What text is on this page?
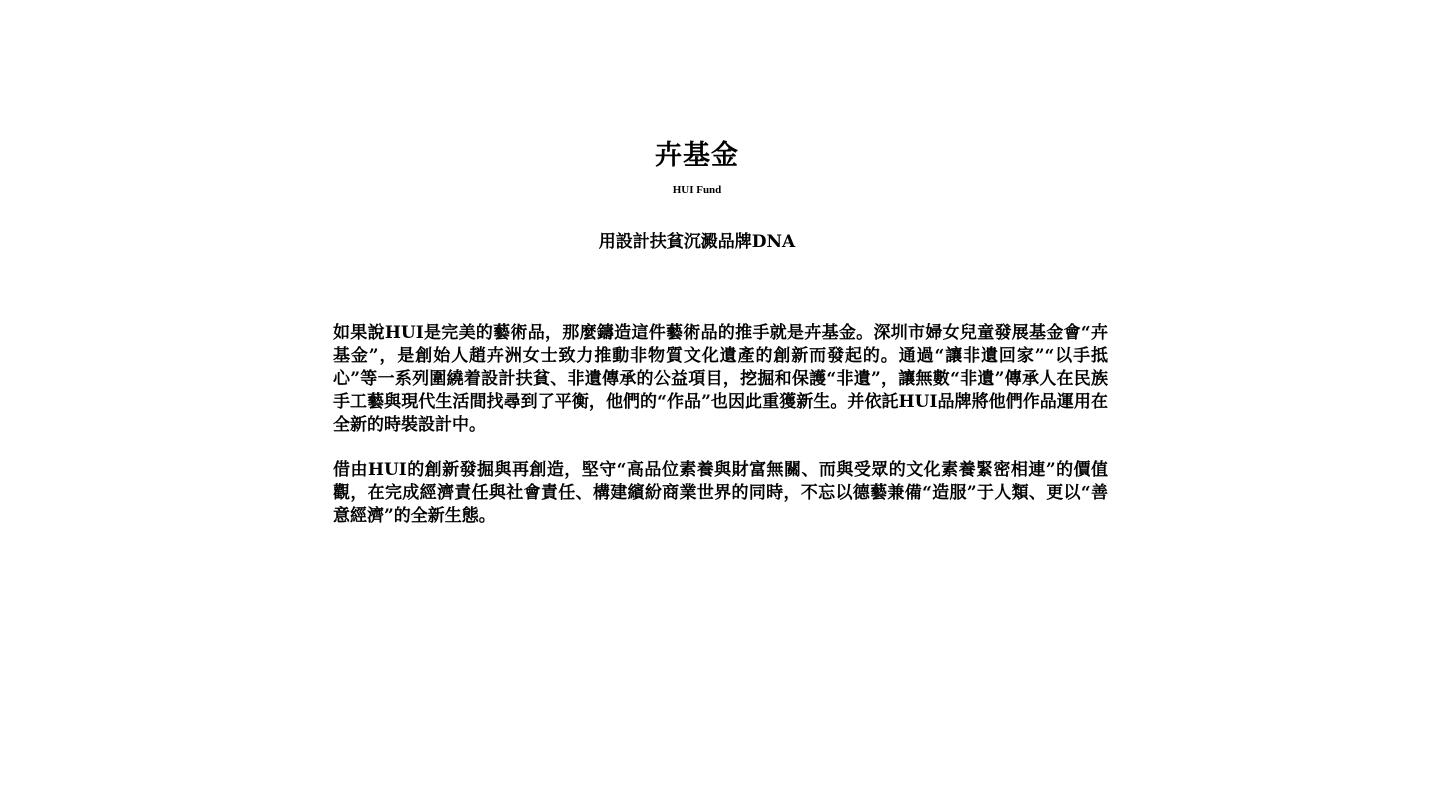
卉基金
HUI Fund
用設計扶貧沉澱品牌DNA

如果說HUI是完美的藝術品，那麼鑄造這件藝術品的推手就是卉基金。深圳市婦女兒童發展基金會“卉基金”，是創始人趙卉洲女士致力推動非物質文化遺產的創新而發起的。通過“讓非遺回家”“以手抵心”等一系列圍繞着設計扶貧、非遺傳承的公益項目，挖掘和保護“非遺”，讓無數“非遺”傳承人在民族手工藝與現代生活間找尋到了平衡，他們的“作品”也因此重獲新生。并依託HUI品牌將他們作品運用在全新的時裝設計中。

借由HUI的創新發掘與再創造，堅守“高品位素養與財富無關、而與受眾的文化素養緊密相連”的價值觀，在完成經濟責任與社會責任、構建繽紛商業世界的同時，不忘以德藝兼備“造服”于人類、更以“善意經濟”的全新生態。
